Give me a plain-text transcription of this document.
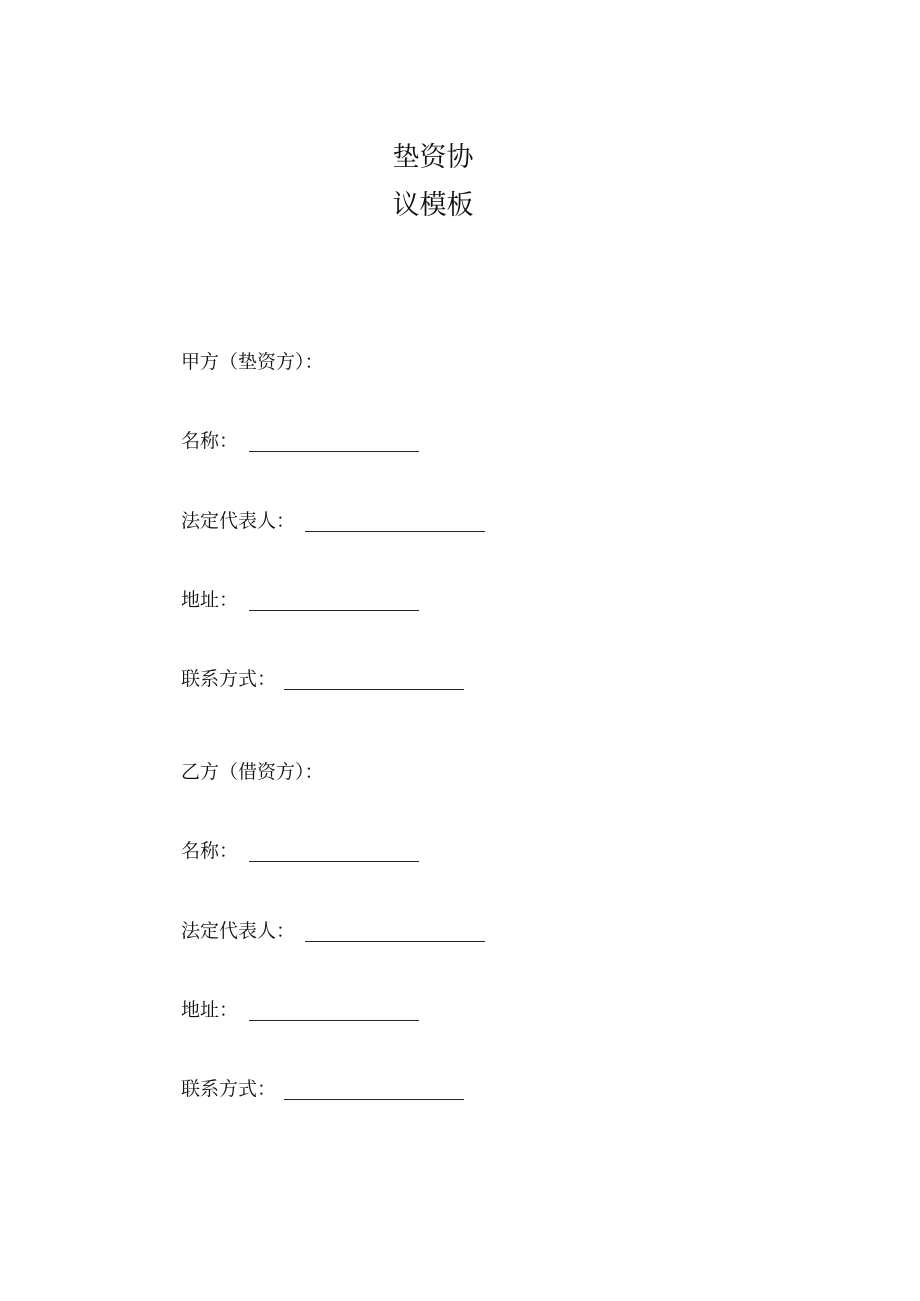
垫资协
议模板
甲方（垫资方）：
名称：
法定代表人：
地址：
联系方式：
乙方（借资方）：
名称：
法定代表人：
地址：
联系方式：
